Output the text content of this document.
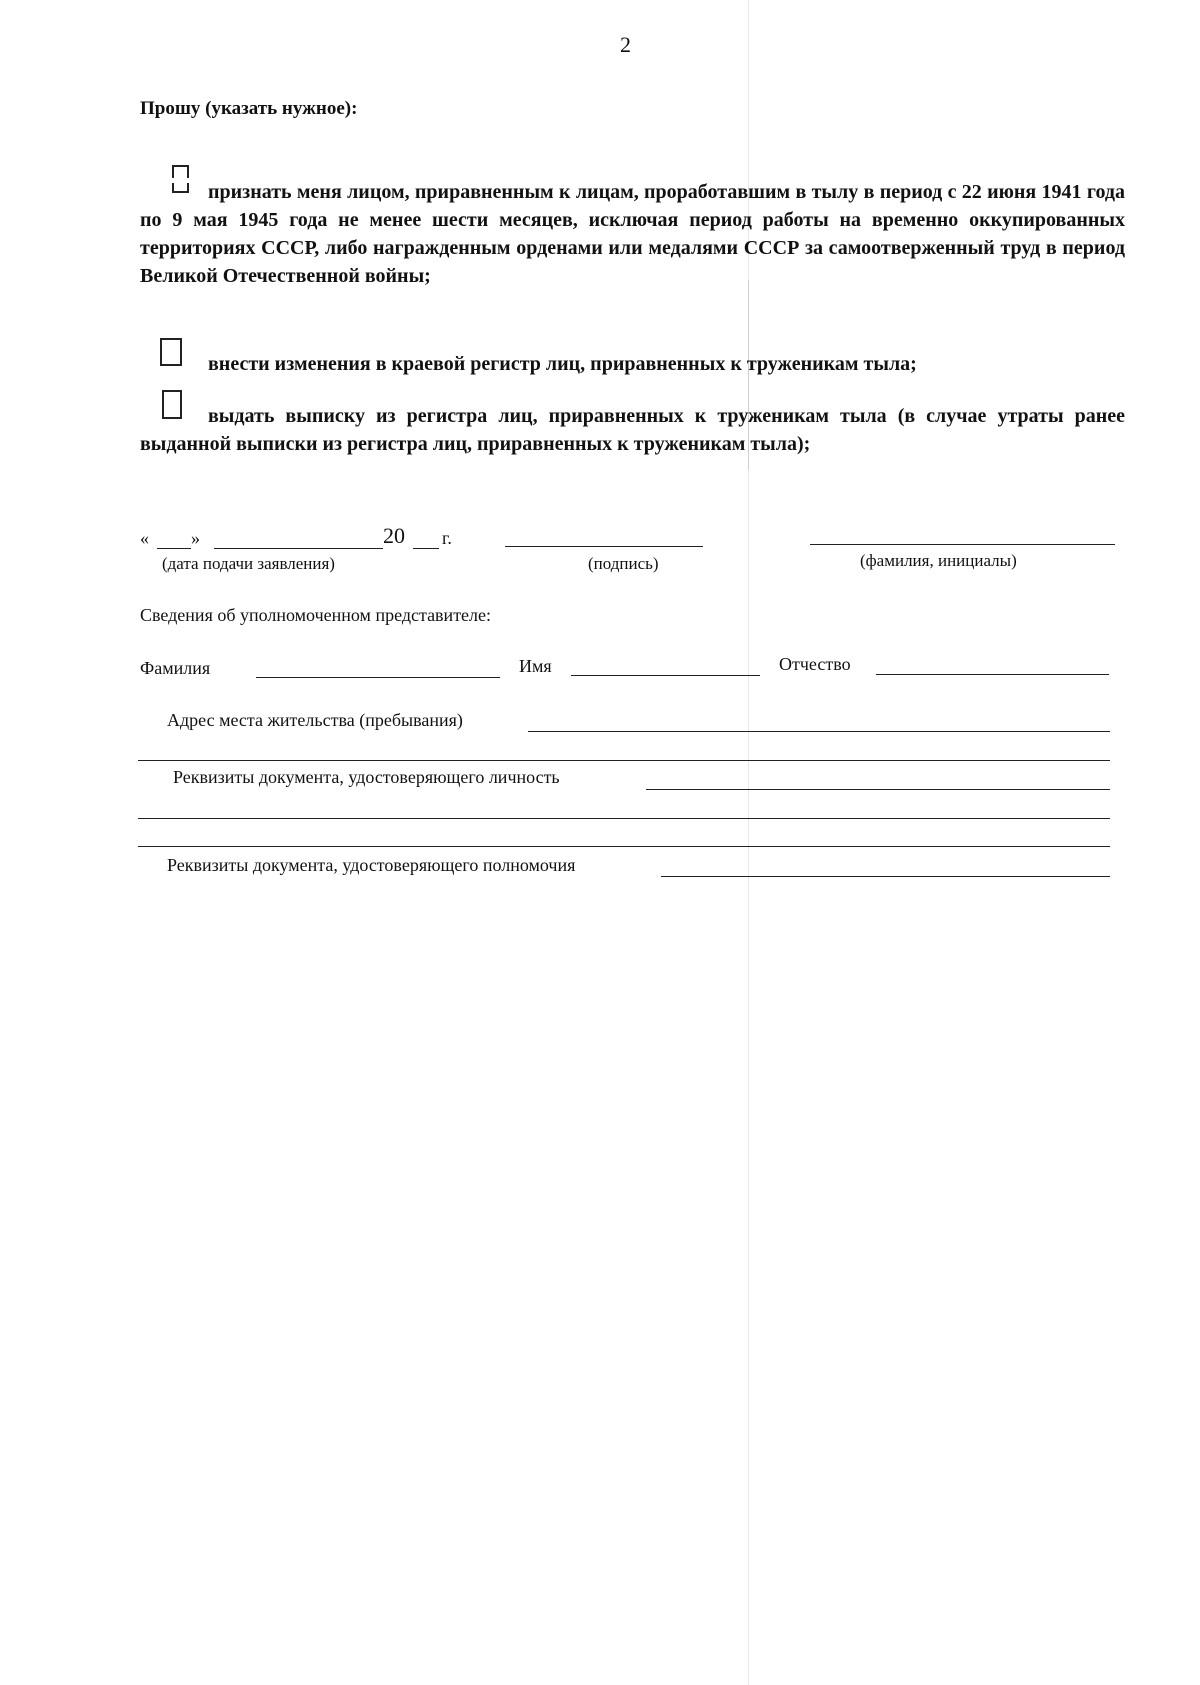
2
Прошу (указать нужное):
признать меня лицом, приравненным к лицам, проработавшим в тылу в период с 22 июня 1941 года по 9 мая 1945 года не менее шести месяцев, исключая период работы на временно оккупированных территориях СССР, либо награжденным орденами или медалями СССР за самоотверженный труд в период Великой Отечественной войны;
внести изменения в краевой регистр лиц, приравненных к труженикам тыла;
выдать выписку из регистра лиц, приравненных к труженикам тыла (в случае утраты ранее выданной выписки из регистра лиц, приравненных к труженикам тыла);
« »	20 г.
(дата подачи заявления)	(подпись)	(фамилия, инициалы)
Сведения об уполномоченном представителе:
Фамилия	Имя	Отчество
Адрес места жительства (пребывания)
Реквизиты документа, удостоверяющего личность
Реквизиты документа, удостоверяющего полномочия
